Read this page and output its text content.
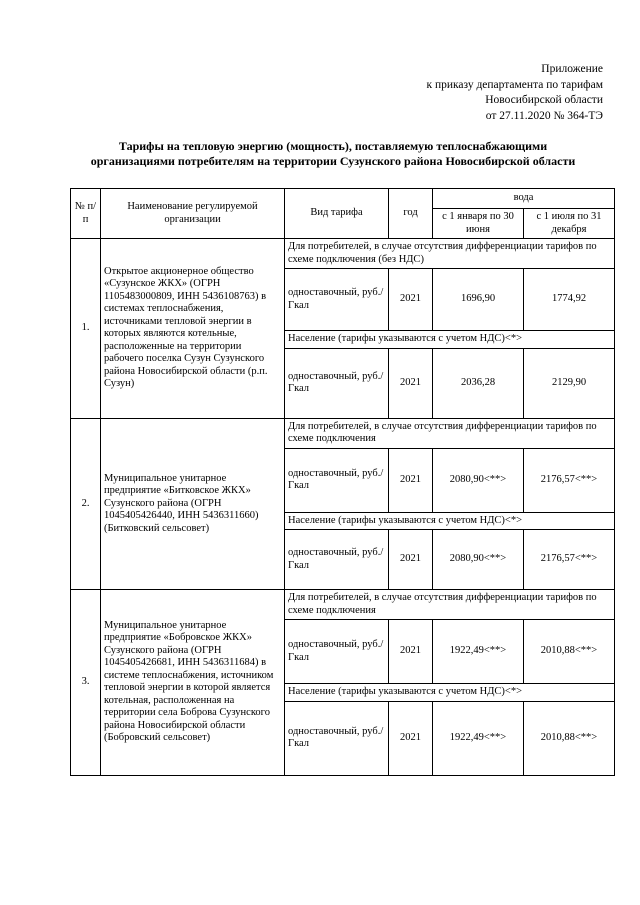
Приложение
к приказу департамента по тарифам
Новосибирской области
от 27.11.2020 № 364-ТЭ
Тарифы на тепловую энергию (мощность), поставляемую теплоснабжающими
организациями потребителям на территории Сузунского района Новосибирской области
№ п/п	Наименование регулируемой организации	Вид тарифа	год	вода	
				с 1 января по 30 июня	с 1 июля по 31 декабря
1.	Открытое акционерное общество «Сузунское ЖКХ» (ОГРН 1105483000809, ИНН 5436108763) в системах теплоснабжения, источниками тепловой энергии в которых являются котельные, расположенные на территории рабочего поселка Сузун Сузунского района Новосибирской области (р.п. Сузун)	Для потребителей, в случае отсутствия дифференциации тарифов по схеме подключения (без НДС)			
		одноставочный, руб./Гкал	2021	1696,90	1774,92
		Население (тарифы указываются с учетом НДС)<*>			
		одноставочный, руб./Гкал	2021	2036,28	2129,90
2.	Муниципальное унитарное предприятие «Битковское ЖКХ» Сузунского района (ОГРН 1045405426440, ИНН 5436311660) (Битковский сельсовет)	Для потребителей, в случае отсутствия дифференциации тарифов по схеме подключения			
		одноставочный, руб./Гкал	2021	2080,90<**>	2176,57<**>
		Население (тарифы указываются с учетом НДС)<*>			
		одноставочный, руб./Гкал	2021	2080,90<**>	2176,57<**>
3.	Муниципальное унитарное предприятие «Бобровское ЖКХ» Сузунского района (ОГРН 1045405426681, ИНН 5436311684) в системе теплоснабжения, источником тепловой энергии в которой является котельная, расположенная на территории села Боброва Сузунского района Новосибирской области (Бобровский сельсовет)	Для потребителей, в случае отсутствия дифференциации тарифов по схеме подключения			
		одноставочный, руб./Гкал	2021	1922,49<**>	2010,88<**>
		Население (тарифы указываются с учетом НДС)<*>			
		одноставочный, руб./Гкал	2021	1922,49<**>	2010,88<**>
